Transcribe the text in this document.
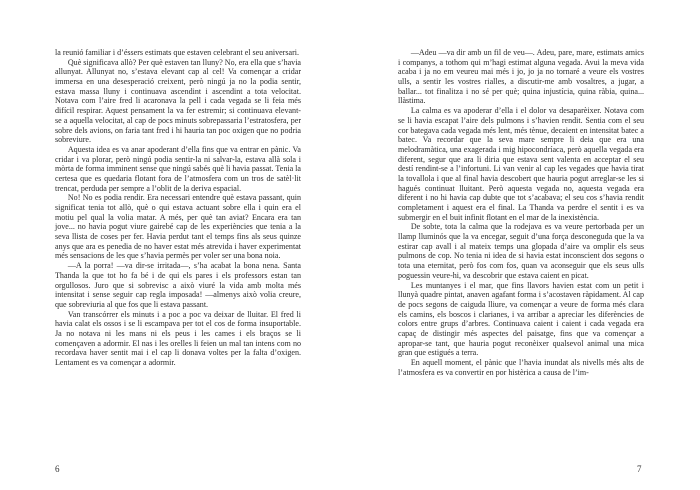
la reunió familiar i d’éssers estimats que estaven celebrant el seu aniversari.

Què significava allò? Per què estaven tan lluny? No, era ella que s’havia allunyat. Allunyat no, s’estava elevant cap al cel! Va començar a cridar immersa en una desesperació creixent, però ningú ja no la podia sentir, estava massa lluny i continuava ascendint i ascendint a tota velocitat. Notava com l’aire fred li acaronava la pell i cada vegada se li feia més difícil respirar. Aquest pensament la va fer estremir; si continuava elevant-se a aquella velocitat, al cap de pocs minuts sobrepassaria l’estratosfera, per sobre dels avions, on faria tant fred i hi hauria tan poc oxigen que no podria sobreviure.

Aquesta idea es va anar apoderant d’ella fins que va entrar en pànic. Va cridar i va plorar, però ningú podia sentir-la ni salvar-la, estava allà sola i mòrta de forma imminent sense que ningú sabés què li havia passat. Tenia la certesa que es quedaria flotant fora de l’atmosfera com un tros de satèl·lit trencat, perduda per sempre a l’oblit de la deriva espacial.

No! No es podia rendir. Era necessari entendre què estava passant, quin significat tenia tot allò, què o qui estava actuant sobre ella i quin era el motiu pel qual la volia matar. A més, per què tan aviat? Encara era tan jove... no havia pogut viure gairebé cap de les experiències que tenia a la seva llista de coses per fer. Havia perdut tant el temps fins als seus quinze anys que ara es penedia de no haver estat més atrevida i haver experimentat més sensacions de les que s’havia permès per voler ser una bona noia.

—A la porra! —va dir-se irritada—, s’ha acabat la bona nena. Santa Thanda la que tot ho fa bé i de qui els pares i els professors estan tan orgullosos. Juro que si sobrevisc a això viuré la vida amb molta més intensitat i sense seguir cap regla imposada! —almenys això volia creure, que sobreviuria al que fos que li estava passant.

Van transcórrer els minuts i a poc a poc va deixar de lluitar. El fred li havia calat els ossos i se li escampava per tot el cos de forma insuportable. Ja no notava ni les mans ni els peus i les cames i els braços se li començaven a adormir. El nas i les orelles li feien un mal tan intens com no recordava haver sentit mai i el cap li donava voltes per la falta d’oxigen. Lentament es va començar a adormir.

6

—Adeu —va dir amb un fil de veu—. Adeu, pare, mare, estimats amics i companys, a tothom qui m’hagi estimat alguna vegada. Avui la meva vida acaba i ja no em veureu mai més i jo, jo ja no tornaré a veure els vostres ulls, a sentir les vostres rialles, a discutir-me amb vosaltres, a jugar, a ballar... tot finalitza i no sé per què; quina injustícia, quina ràbia, quina... llàstima.

La calma es va apoderar d’ella i el dolor va desaparèixer. Notava com se li havia escapat l’aire dels pulmons i s’havien rendit. Sentia com el seu cor bategava cada vegada més lent, més tènue, decaient en intensitat batec a batec. Va recordar que la seva mare sempre li deia que era una melodramàtica, una exagerada i mig hipocondríaca, però aquella vegada era diferent, segur que ara li diria que estava sent valenta en acceptar el seu destí rendint-se a l’infortuni. Li van venir al cap les vegades que havia tirat la tovallola i que al final havia descobert que hauria pogut arreglar-se les si hagués continuat lluitant. Però aquesta vegada no, aquesta vegada era diferent i no hi havia cap dubte que tot s’acabava; el seu cos s’havia rendit completament i aquest era el final. La Thanda va perdre el sentit i es va submergir en el buit infinit flotant en el mar de la inexistència.

De sobte, tota la calma que la rodejava es va veure pertorbada per un llamp lluminós que la va encegar, seguit d’una força desconeguda que la va estirar cap avall i al mateix temps una glopada d’aire va omplir els seus pulmons de cop. No tenia ni idea de si havia estat inconscient dos segons o tota una eternitat, però fos com fos, quan va aconseguir que els seus ulls poguessin veure-hi, va descobrir que estava caient en picat.

Les muntanyes i el mar, que fins llavors havien estat com un petit i llunyà quadre pintat, anaven agafant forma i s’acostaven ràpidament. Al cap de pocs segons de caiguda lliure, va començar a veure de forma més clara els camins, els boscos i clarianes, i va arribar a apreciar les diferències de colors entre grups d’arbres. Continuava caient i caient i cada vegada era capaç de distingir més aspectes del paisatge, fins que va començar a apropar-se tant, que hauria pogut reconèixer qualsevol animal una mica gran que estigués a terra.

En aquell moment, el pànic que l’havia inundat als nivells més alts de l’atmosfera es va convertir en por histèrica a causa de l’im-

7
